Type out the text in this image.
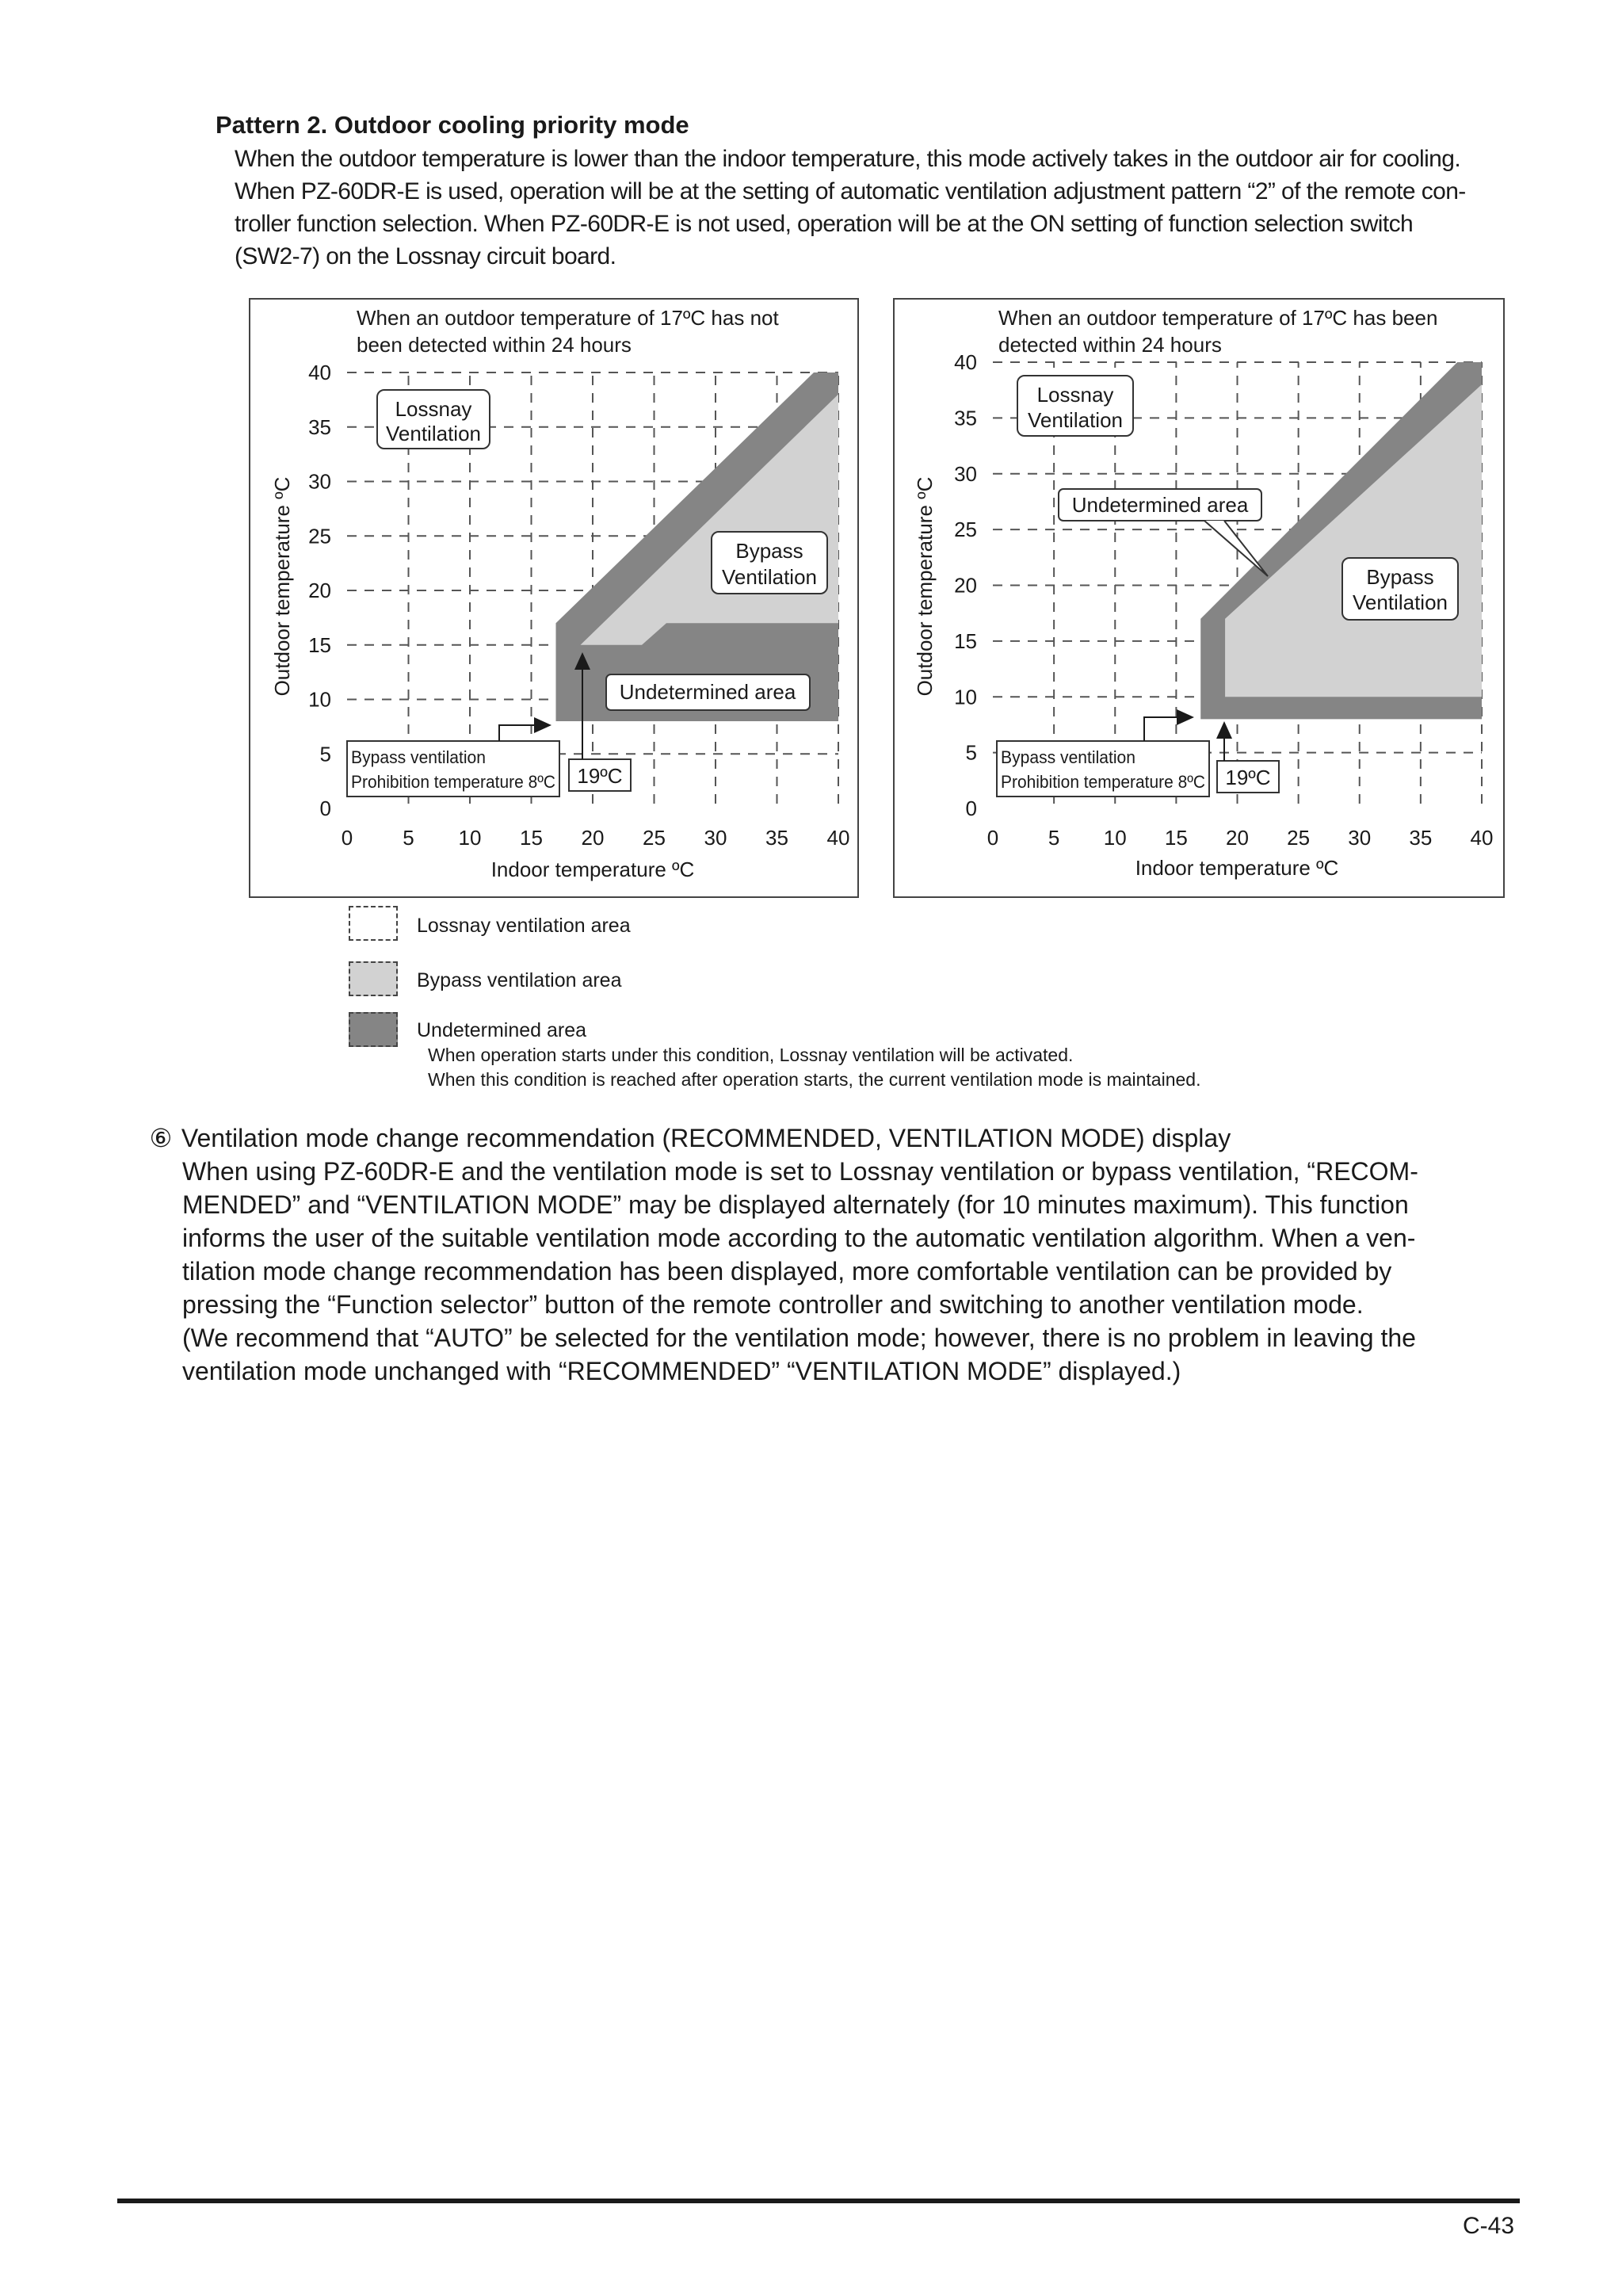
Pattern 2. Outdoor cooling priority mode
When the outdoor temperature is lower than the indoor temperature, this mode actively takes in the outdoor air for cooling.
When PZ-60DR-E is used, operation will be at the setting of automatic ventilation adjustment pattern “2” of the remote con-
troller function selection. When PZ-60DR-E is not used, operation will be at the ON setting of function selection switch
(SW2-7) on the Lossnay circuit board.
When an outdoor temperature of 17ºC has not
been detected within 24 hours
0 5 10 15 20 25 30 35 40
0
5
10
15
20
25
30
35
40
Indoor temperature ºC
Outdoor temperature ºC
Lossnay
Ventilation
Bypass
Ventilation
Undetermined area
Bypass ventilation
Prohibition temperature 8ºC 19ºC
When an outdoor temperature of 17ºC has been
detected within 24 hours
0 5 10 15 20 25 30 35 40
0
5
10
15
20
25
30
35
40
Indoor temperature ºC
Outdoor temperature ºC
Lossnay
Ventilation
Undetermined area
Bypass
Ventilation
Bypass ventilation
Prohibition temperature 8ºC 19ºC
Lossnay ventilation area
Bypass ventilation area
Undetermined area
When operation starts under this condition, Lossnay ventilation will be activated.
When this condition is reached after operation starts, the current ventilation mode is maintained.
⑥ Ventilation mode change recommendation (RECOMMENDED, VENTILATION MODE) display
When using PZ-60DR-E and the ventilation mode is set to Lossnay ventilation or bypass ventilation, “RECOM-
MENDED” and “VENTILATION MODE” may be displayed alternately (for 10 minutes maximum). This function
informs the user of the suitable ventilation mode according to the automatic ventilation algorithm. When a ven-
tilation mode change recommendation has been displayed, more comfortable ventilation can be provided by
pressing the “Function selector” button of the remote controller and switching to another ventilation mode.
(We recommend that “AUTO” be selected for the ventilation mode; however, there is no problem in leaving the
ventilation mode unchanged with “RECOMMENDED” “VENTILATION MODE” displayed.)
C-43
